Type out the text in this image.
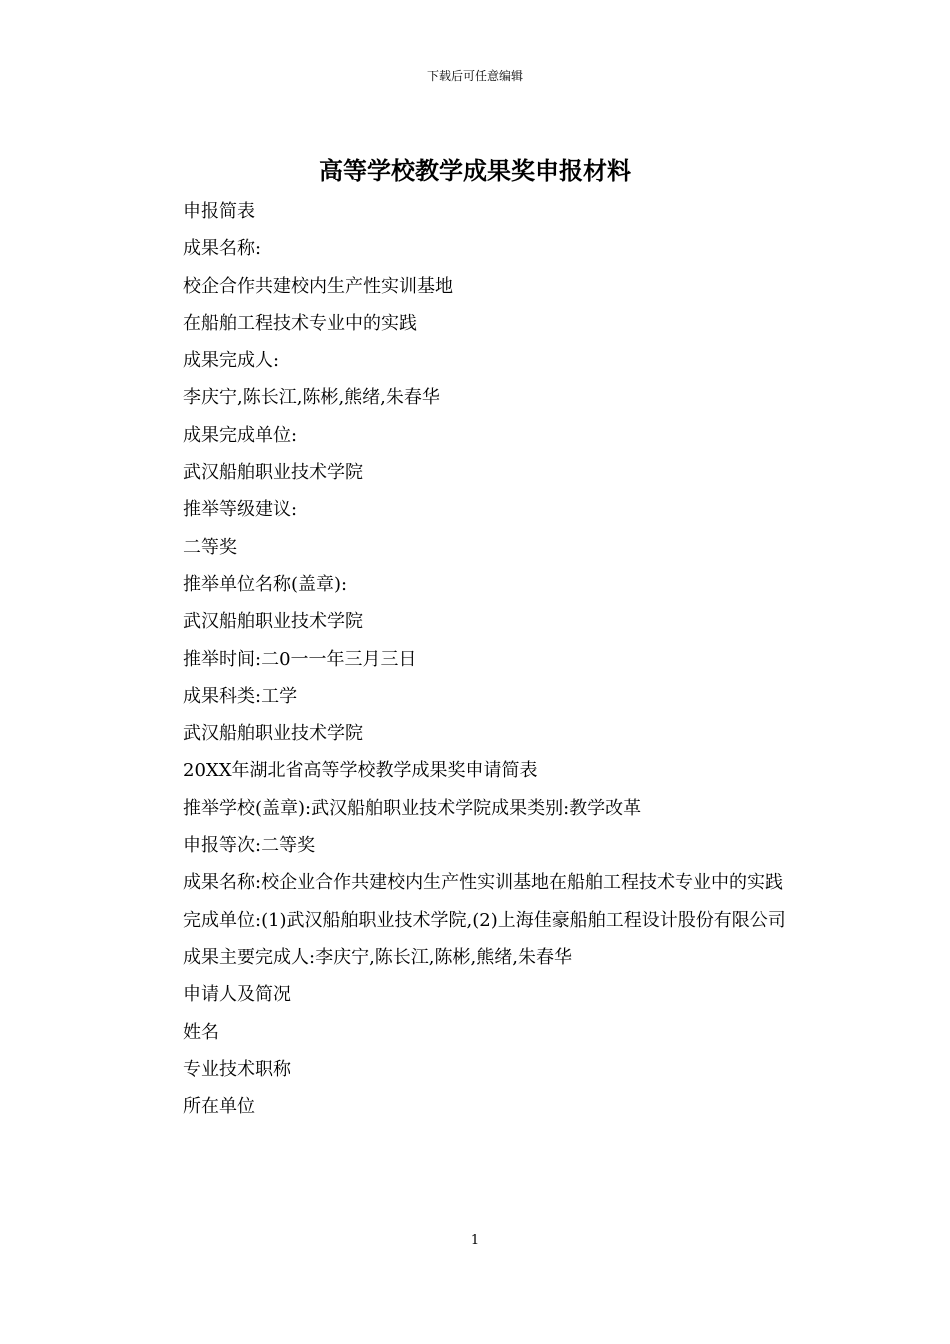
下载后可任意编辑
高等学校教学成果奖申报材料

申报简表

成果名称:

校企合作共建校内生产性实训基地

在船舶工程技术专业中的实践

成果完成人:

李庆宁,陈长江,陈彬,熊绪,朱春华

成果完成单位:

武汉船舶职业技术学院

推举等级建议:

二等奖

推举单位名称(盖章):

武汉船舶职业技术学院

推举时间:二0一一年三月三日

成果科类:工学

武汉船舶职业技术学院

20XX年湖北省高等学校教学成果奖申请简表

推举学校(盖章):武汉船舶职业技术学院成果类别:教学改革

申报等次:二等奖

成果名称:校企业合作共建校内生产性实训基地在船舶工程技术专业中的实践

完成单位:(1)武汉船舶职业技术学院,(2)上海佳豪船舶工程设计股份有限公司

成果主要完成人:李庆宁,陈长江,陈彬,熊绪,朱春华

申请人及简况

姓名

专业技术职称

所在单位

1
